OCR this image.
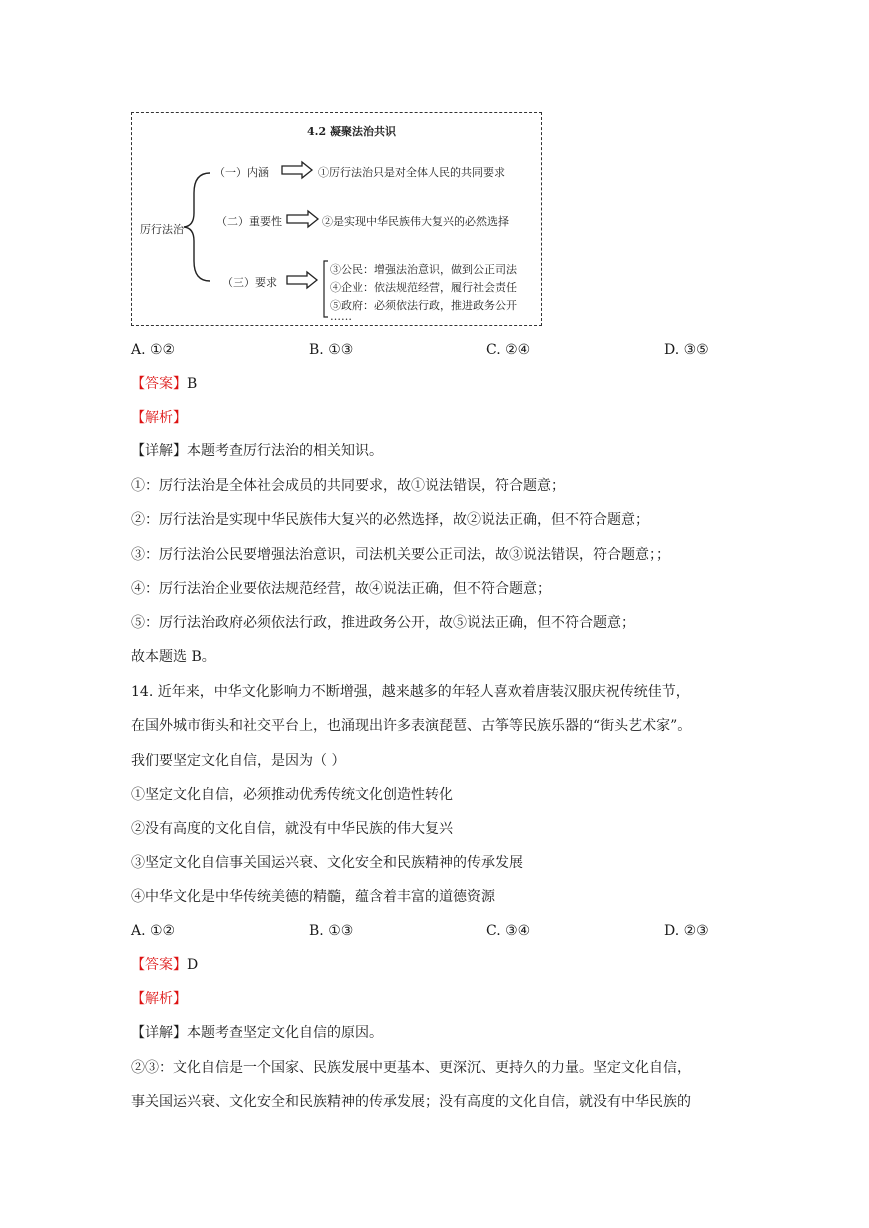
4.2 凝聚法治共识
厉行法治
（一）内涵	①厉行法治只是对全体人民的共同要求
（二）重要性	②是实现中华民族伟大复兴的必然选择
（三）要求
③公民：增强法治意识，做到公正司法
④企业：依法规范经营，履行社会责任
⑤政府：必须依法行政，推进政务公开
……
A. ①②	B. ①③	C. ②④	D. ③⑤
【答案】B
【解析】
【详解】本题考查厉行法治的相关知识。
①：厉行法治是全体社会成员的共同要求，故①说法错误，符合题意；
②：厉行法治是实现中华民族伟大复兴的必然选择，故②说法正确，但不符合题意；
③：厉行法治公民要增强法治意识，司法机关要公正司法，故③说法错误，符合题意；；
④：厉行法治企业要依法规范经营，故④说法正确，但不符合题意；
⑤：厉行法治政府必须依法行政，推进政务公开，故⑤说法正确，但不符合题意；
故本题选 B。
14. 近年来，中华文化影响力不断增强，越来越多的年轻人喜欢着唐装汉服庆祝传统佳节，
在国外城市街头和社交平台上，也涌现出许多表演琵琶、古筝等民族乐器的“街头艺术家”。
我们要坚定文化自信，是因为（ ）
①坚定文化自信，必须推动优秀传统文化创造性转化
②没有高度的文化自信，就没有中华民族的伟大复兴
③坚定文化自信事关国运兴衰、文化安全和民族精神的传承发展
④中华文化是中华传统美德的精髓，蕴含着丰富的道德资源
A. ①②	B. ①③	C. ③④	D. ②③
【答案】D
【解析】
【详解】本题考查坚定文化自信的原因。
②③：文化自信是一个国家、民族发展中更基本、更深沉、更持久的力量。坚定文化自信，
事关国运兴衰、文化安全和民族精神的传承发展；没有高度的文化自信，就没有中华民族的
